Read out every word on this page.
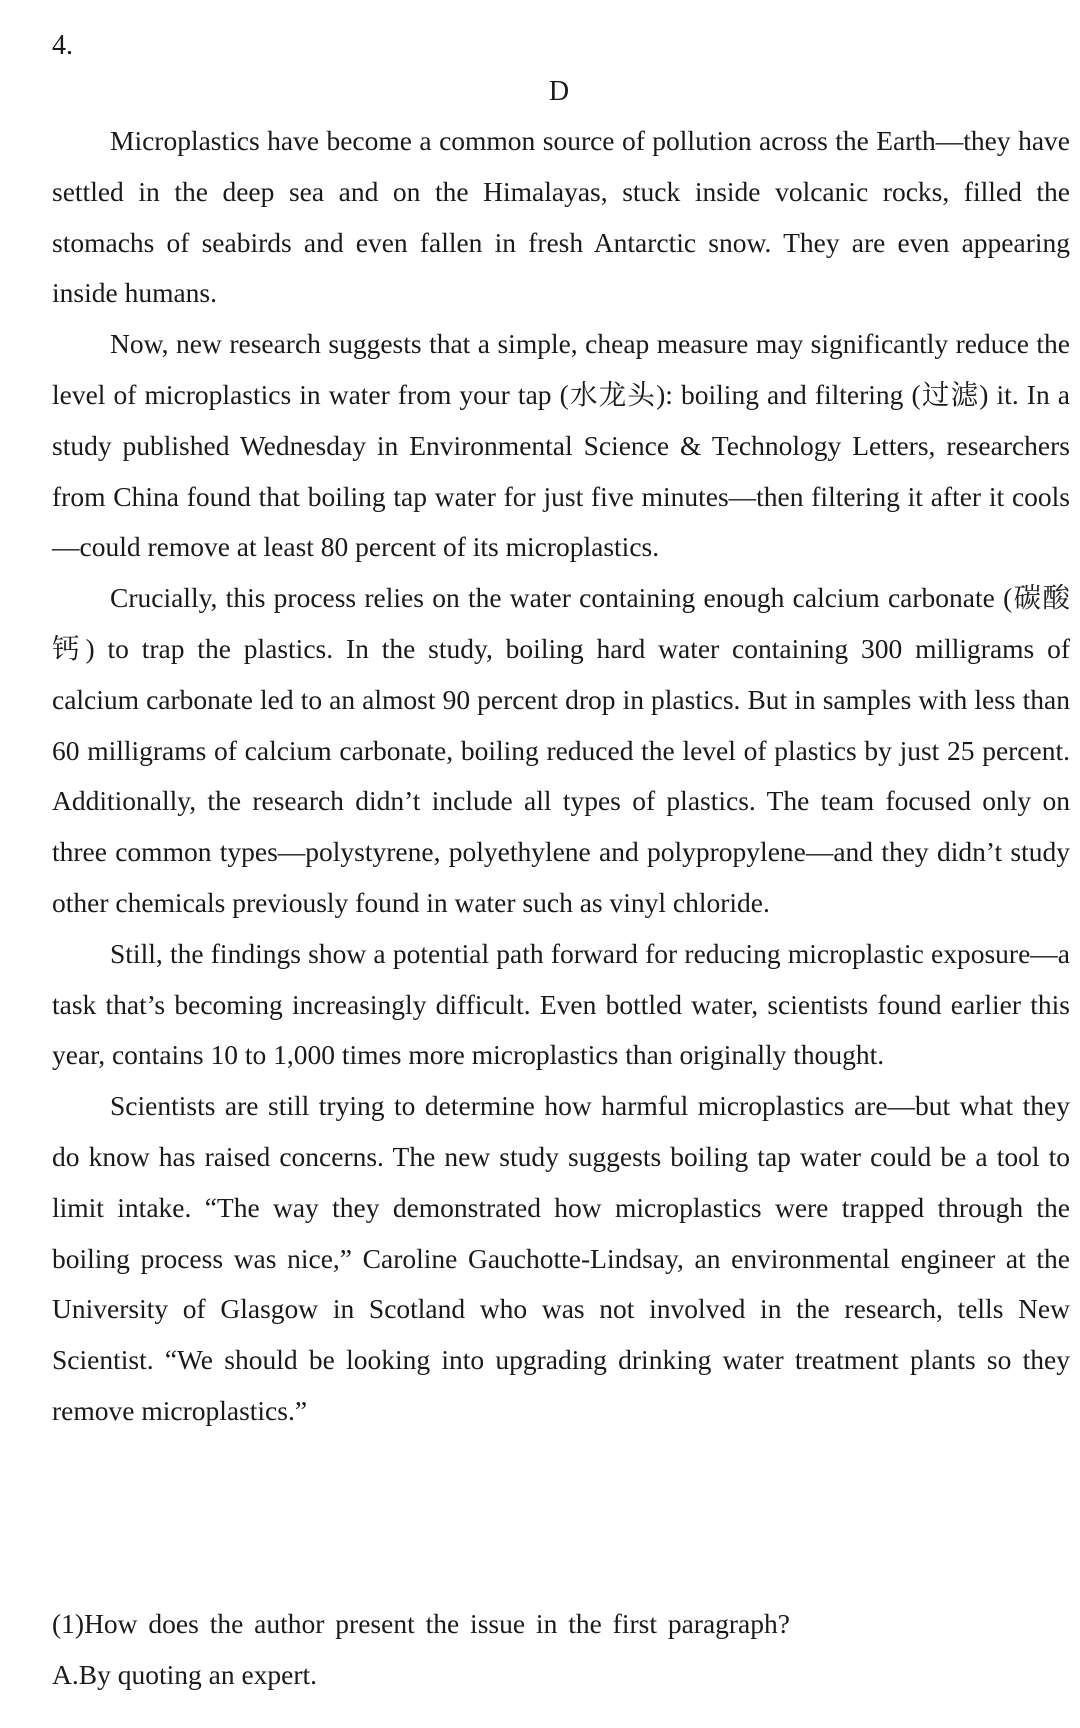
4.
D

Microplastics have become a common source of pollution across the Earth—they have settled in the deep sea and on the Himalayas, stuck inside volcanic rocks, filled the stomachs of seabirds and even fallen in fresh Antarctic snow. They are even appearing inside humans.

Now, new research suggests that a simple, cheap measure may significantly reduce the level of microplastics in water from your tap (水龙头): boiling and filtering (过滤) it. In a study published Wednesday in Environmental Science & Technology Letters, researchers from China found that boiling tap water for just five minutes—then filtering it after it cools—could remove at least 80 percent of its microplastics.

Crucially, this process relies on the water containing enough calcium carbonate (碳酸钙) to trap the plastics. In the study, boiling hard water containing 300 milligrams of calcium carbonate led to an almost 90 percent drop in plastics. But in samples with less than 60 milligrams of calcium carbonate, boiling reduced the level of plastics by just 25 percent. Additionally, the research didn’t include all types of plastics. The team focused only on three common types—polystyrene, polyethylene and polypropylene—and they didn’t study other chemicals previously found in water such as vinyl chloride.

Still, the findings show a potential path forward for reducing microplastic exposure—a task that’s becoming increasingly difficult. Even bottled water, scientists found earlier this year, contains 10 to 1,000 times more microplastics than originally thought.

Scientists are still trying to determine how harmful microplastics are—but what they do know has raised concerns. The new study suggests boiling tap water could be a tool to limit intake. “The way they demonstrated how microplastics were trapped through the boiling process was nice,” Caroline Gauchotte-Lindsay, an environmental engineer at the University of Glasgow in Scotland who was not involved in the research, tells New Scientist. “We should be looking into upgrading drinking water treatment plants so they remove microplastics.”

(1)How does the author present the issue in the first paragraph?
A.By quoting an expert.
